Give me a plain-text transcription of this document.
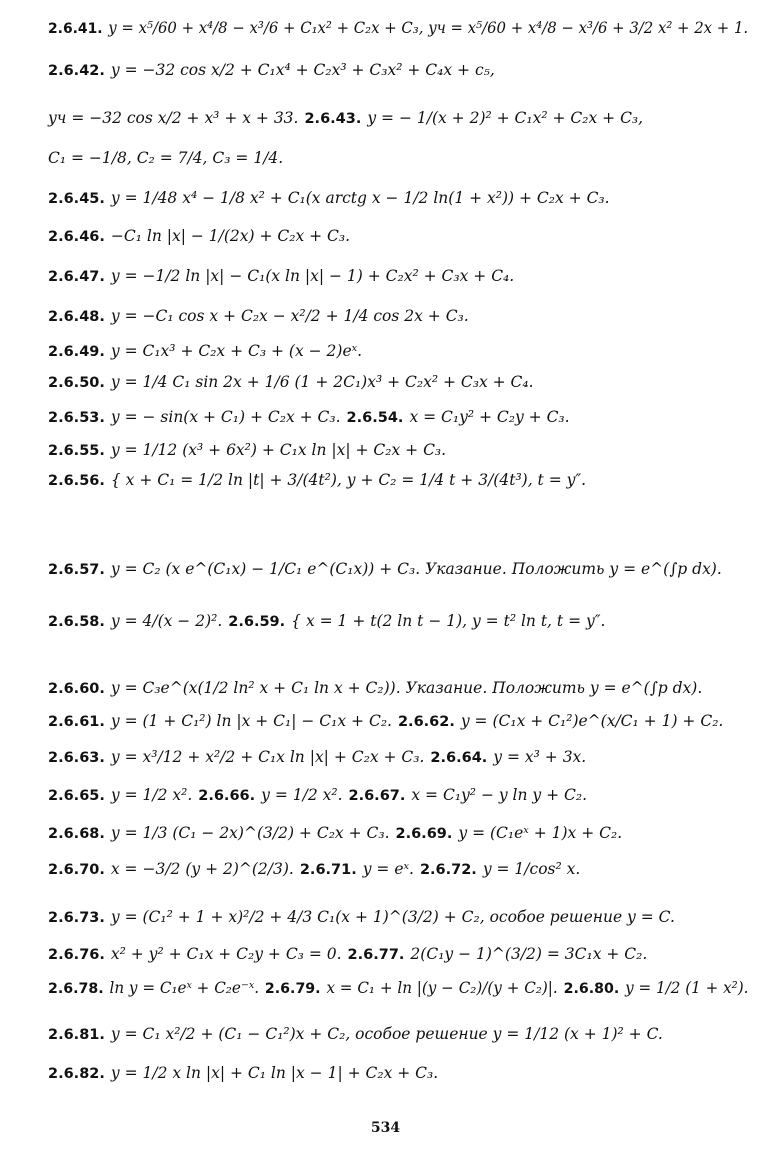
2.6.41. y = x⁵/60 + x⁴/8 − x³/6 + C₁x² + C₂x + C₃, yч = x⁵/60 + x⁴/8 − x³/6 + 3/2 x² + 2x + 1.
2.6.42. y = −32 cos x/2 + C₁x⁴ + C₂x³ + C₃x² + C₄x + c₅,
yч = −32 cos x/2 + x³ + x + 33. 2.6.43. y = − 1/(x + 2)² + C₁x² + C₂x + C₃,
C₁ = −1/8, C₂ = 7/4, C₃ = 1/4.
2.6.45. y = 1/48 x⁴ − 1/8 x² + C₁(x arctg x − 1/2 ln(1 + x²)) + C₂x + C₃.
2.6.46. −C₁ ln |x| − 1/(2x) + C₂x + C₃.
2.6.47. y = −1/2 ln |x| − C₁(x ln |x| − 1) + C₂x² + C₃x + C₄.
2.6.48. y = −C₁ cos x + C₂x − x²/2 + 1/4 cos 2x + C₃.
2.6.49. y = C₁x³ + C₂x + C₃ + (x − 2)eˣ.
2.6.50. y = 1/4 C₁ sin 2x + 1/6 (1 + 2C₁)x³ + C₂x² + C₃x + C₄.
2.6.53. y = − sin(x + C₁) + C₂x + C₃. 2.6.54. x = C₁y² + C₂y + C₃.
2.6.55. y = 1/12 (x³ + 6x²) + C₁x ln |x| + C₂x + C₃.
2.6.56. { x + C₁ = 1/2 ln |t| + 3/(4t²), y + C₂ = 1/4 t + 3/(4t³), t = y″.
2.6.57. y = C₂ (x e^(C₁x) − 1/C₁ e^(C₁x)) + C₃. Указание. Положить y = e^(∫p dx).
2.6.58. y = 4/(x − 2)². 2.6.59. { x = 1 + t(2 ln t − 1), y = t² ln t, t = y″.
2.6.60. y = C₃e^(x(1/2 ln² x + C₁ ln x + C₂)). Указание. Положить y = e^(∫p dx).
2.6.61. y = (1 + C₁²) ln |x + C₁| − C₁x + C₂. 2.6.62. y = (C₁x + C₁²)e^(x/C₁ + 1) + C₂.
2.6.63. y = x³/12 + x²/2 + C₁x ln |x| + C₂x + C₃. 2.6.64. y = x³ + 3x.
2.6.65. y = 1/2 x². 2.6.66. y = 1/2 x². 2.6.67. x = C₁y² − y ln y + C₂.
2.6.68. y = 1/3 (C₁ − 2x)^(3/2) + C₂x + C₃. 2.6.69. y = (C₁eˣ + 1)x + C₂.
2.6.70. x = −3/2 (y + 2)^(2/3). 2.6.71. y = eˣ. 2.6.72. y = 1/cos² x.
2.6.73. y = (C₁² + 1 + x)²/2 + 4/3 C₁(x + 1)^(3/2) + C₂, особое решение y = C.
2.6.76. x² + y² + C₁x + C₂y + C₃ = 0. 2.6.77. 2(C₁y − 1)^(3/2) = 3C₁x + C₂.
2.6.78. ln y = C₁eˣ + C₂e⁻ˣ. 2.6.79. x = C₁ + ln |(y − C₂)/(y + C₂)|. 2.6.80. y = 1/2 (1 + x²).
2.6.81. y = C₁ x²/2 + (C₁ − C₁²)x + C₂, особое решение y = 1/12 (x + 1)² + C.
2.6.82. y = 1/2 x ln |x| + C₁ ln |x − 1| + C₂x + C₃.
534
